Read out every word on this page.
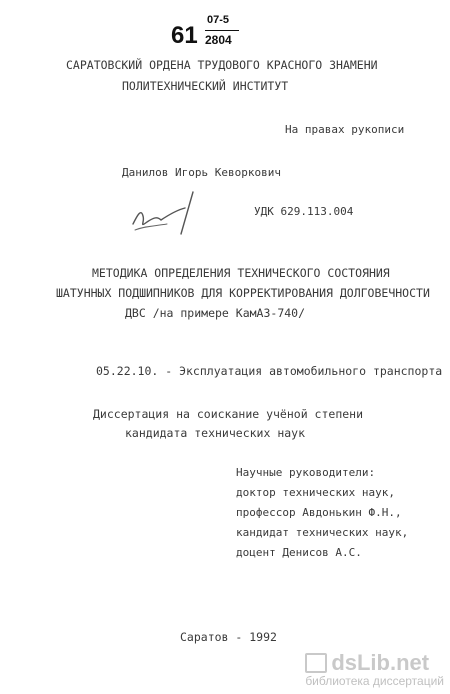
61
07-5
2804
САРАТОВСКИЙ ОРДЕНА ТРУДОВОГО КРАСНОГО ЗНАМЕНИ
ПОЛИТЕХНИЧЕСКИЙ ИНСТИТУТ
На правах рукописи
Данилов Игорь Кеворкович
УДК 629.113.004
МЕТОДИКА ОПРЕДЕЛЕНИЯ ТЕХНИЧЕСКОГО СОСТОЯНИЯ
ШАТУННЫХ ПОДШИПНИКОВ ДЛЯ КОРРЕКТИРОВАНИЯ ДОЛГОВЕЧНОСТИ
ДВС /на примере КамАЗ-740/
05.22.10. - Эксплуатация автомобильного транспорта
Диссертация на соискание учёной степени
кандидата технических наук
Научные руководители:
доктор технических наук,
профессор Авдонькин Ф.Н.,
кандидат технических наук,
доцент Денисов А.С.
Саратов - 1992
dsLib.net
библиотека диссертаций
